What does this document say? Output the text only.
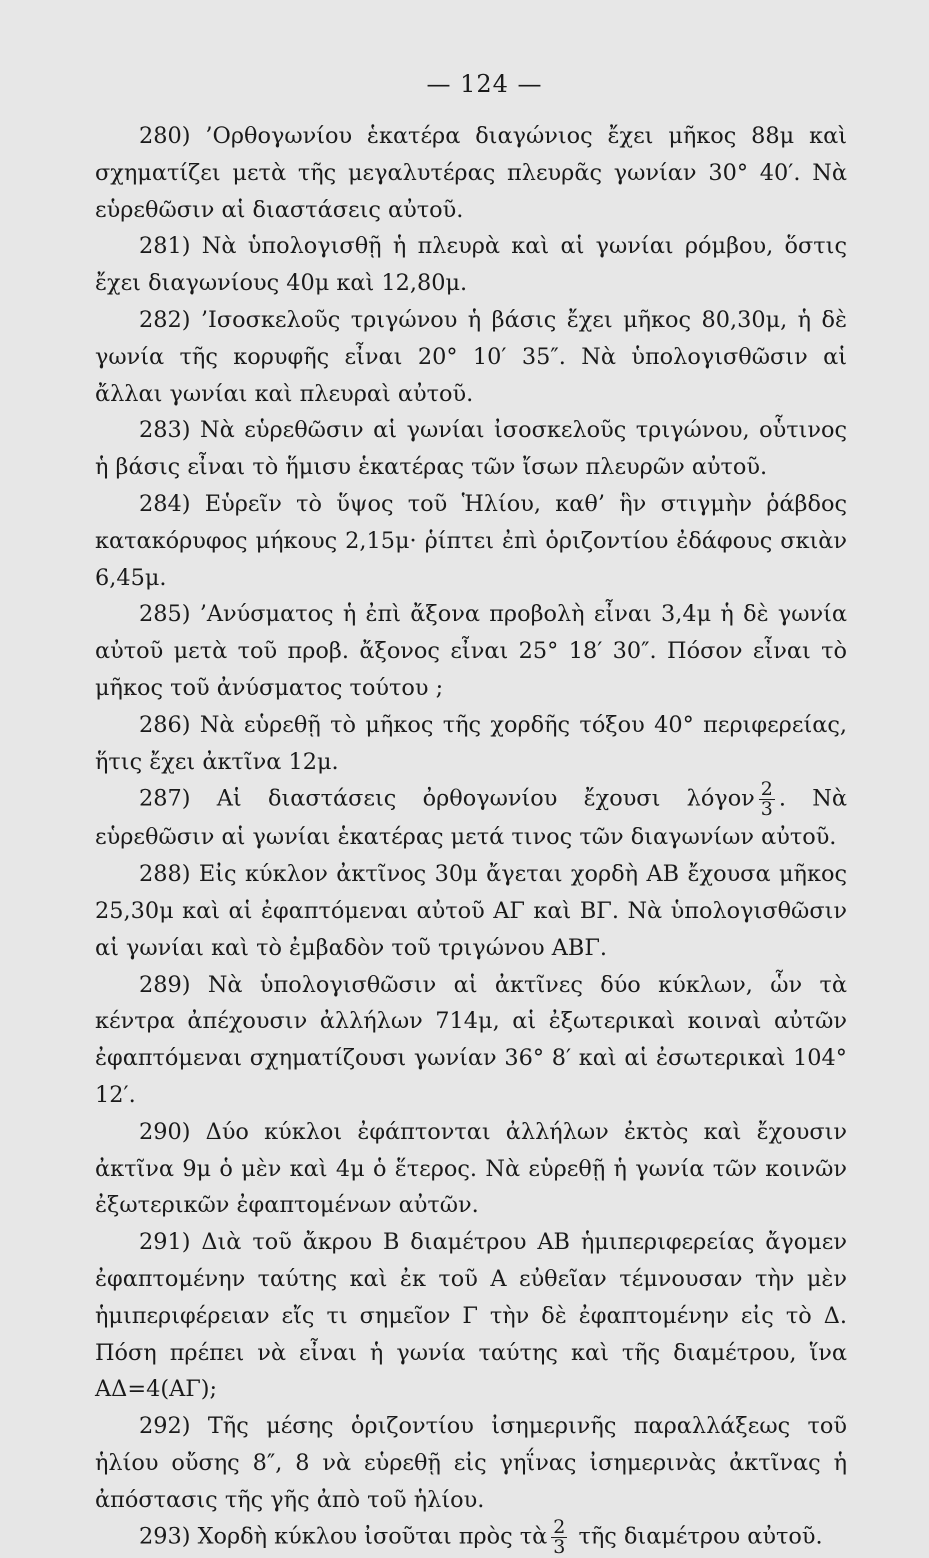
— 124 —

280) ’Ορθογωνίου ἑκατέρα διαγώνιος ἔχει μῆκος 88μ καὶ σχηματίζει μετὰ τῆς μεγαλυτέρας πλευρᾶς γωνίαν 30° 40′. Νὰ εὑρεθῶσιν αἱ διαστάσεις αὐτοῦ.

281) Νὰ ὑπολογισθῇ ἡ πλευρὰ καὶ αἱ γωνίαι ρόμβου, ὅστις ἔχει διαγωνίους 40μ καὶ 12,80μ.

282) ’Ισοσκελοῦς τριγώνου ἡ βάσις ἔχει μῆκος 80,30μ, ἡ δὲ γωνία τῆς κορυφῆς εἶναι 20° 10′ 35″. Νὰ ὑπολογισθῶσιν αἱ ἄλλαι γωνίαι καὶ πλευραὶ αὐτοῦ.

283) Νὰ εὑρεθῶσιν αἱ γωνίαι ἰσοσκελοῦς τριγώνου, οὗτινος ἡ βάσις εἶναι τὸ ἥμισυ ἑκατέρας τῶν ἴσων πλευρῶν αὐτοῦ.

284) Εὑρεῖν τὸ ὕψος τοῦ Ἡλίου, καθ’ ἣν στιγμὴν ῥάβδος κατακόρυφος μήκους 2,15μ· ῥίπτει ἐπὶ ὁριζοντίου ἐδάφους σκιὰν 6,45μ.

285) ’Ανύσματος ἡ ἐπὶ ἄξονα προβολὴ εἶναι 3,4μ ἡ δὲ γωνία αὐτοῦ μετὰ τοῦ προβ. ἄξονος εἶναι 25° 18′ 30″. Πόσον εἶναι τὸ μῆκος τοῦ ἀνύσματος τούτου ;

286) Νὰ εὑρεθῇ τὸ μῆκος τῆς χορδῆς τόξου 40° περιφερείας, ἥτις ἔχει ἀκτῖνα 12μ.

287) Αἱ διαστάσεις ὀρθογωνίου ἔχουσι λόγον $\frac{2}{3}$ . Νὰ εὑρεθῶσιν αἱ γωνίαι ἑκατέρας μετά τινος τῶν διαγωνίων αὐτοῦ.

288) Εἰς κύκλον ἀκτῖνος 30μ ἄγεται χορδὴ ΑΒ ἔχουσα μῆκος 25,30μ καὶ αἱ ἐφαπτόμεναι αὐτοῦ ΑΓ καὶ ΒΓ. Νὰ ὑπολογισθῶσιν αἱ γωνίαι καὶ τὸ ἐμβαδὸν τοῦ τριγώνου ΑΒΓ.

289) Νὰ ὑπολογισθῶσιν αἱ ἀκτῖνες δύο κύκλων, ὧν τὰ κέντρα ἀπέχουσιν ἀλλήλων 714μ, αἱ ἐξωτερικαὶ κοιναὶ αὐτῶν ἐφαπτόμεναι σχηματίζουσι γωνίαν 36° 8′ καὶ αἱ ἐσωτερικαὶ 104° 12′.

290) Δύο κύκλοι ἐφάπτονται ἀλλήλων ἐκτὸς καὶ ἔχουσιν ἀκτῖνα 9μ ὁ μὲν καὶ 4μ ὁ ἕτερος. Νὰ εὑρεθῇ ἡ γωνία τῶν κοινῶν ἐξωτερικῶν ἐφαπτομένων αὐτῶν.

291) Διὰ τοῦ ἄκρου Β διαμέτρου ΑΒ ἡμιπεριφερείας ἄγομεν ἐφαπτομένην ταύτης καὶ ἐκ τοῦ Α εὐθεῖαν τέμνουσαν τὴν μὲν ἡμιπεριφέρειαν εἴς τι σημεῖον Γ τὴν δὲ ἐφαπτομένην εἰς τὸ Δ. Πόση πρέπει νὰ εἶναι ἡ γωνία ταύτης καὶ τῆς διαμέτρου, ἵνα ΑΔ=4(ΑΓ);

292) Τῆς μέσης ὁριζοντίου ἰσημερινῆς παραλλάξεως τοῦ ἡλίου οὔσης 8″, 8 νὰ εὑρεθῇ εἰς γηΐνας ἰσημερινὰς ἀκτῖνας ἡ ἀπόστασις τῆς γῆς ἀπὸ τοῦ ἡλίου.

293) Χορδὴ κύκλου ἰσοῦται πρὸς τὰ $\frac{2}{3}$ τῆς διαμέτρου αὐτοῦ.
